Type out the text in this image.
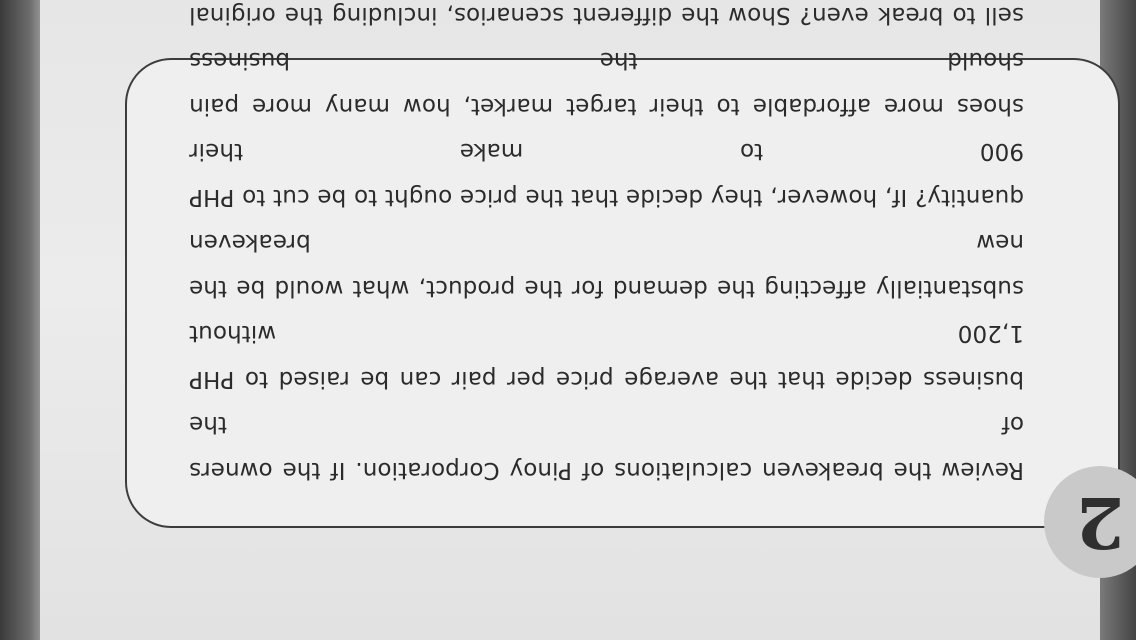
2
Review the breakeven calculations of Pinoy Corporation. If the owners of the
business decide that the average price per pair can be raised to PHP 1,200 without
substantially affecting the demand for the product, what would be the new breakeven
quantity? If, however, they decide that the price ought to be cut to PHP 900 to make their
shoes more affordable to their target market, how many more pain should the business
sell to break even? Show the different scenarios, including the original
